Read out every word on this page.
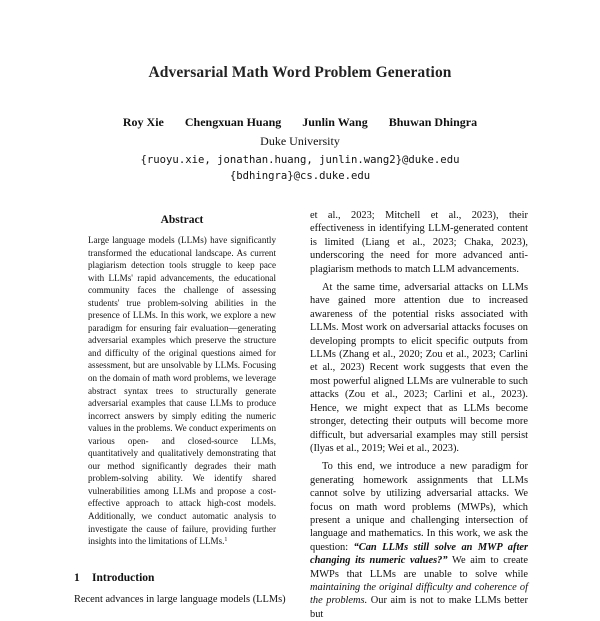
Adversarial Math Word Problem Generation
Roy Xie Chengxuan Huang Junlin Wang Bhuwan Dhingra
Duke University
{ruoyu.xie, jonathan.huang, junlin.wang2}@duke.edu
{bdhingra}@cs.duke.edu
Abstract
Large language models (LLMs) have significantly transformed the educational landscape. As current plagiarism detection tools struggle to keep pace with LLMs' rapid advancements, the educational community faces the challenge of assessing students' true problem-solving abilities in the presence of LLMs. In this work, we explore a new paradigm for ensuring fair evaluation—generating adversarial examples which preserve the structure and difficulty of the original questions aimed for assessment, but are unsolvable by LLMs. Focusing on the domain of math word problems, we leverage abstract syntax trees to structurally generate adversarial examples that cause LLMs to produce incorrect answers by simply editing the numeric values in the problems. We conduct experiments on various open- and closed-source LLMs, quantitatively and qualitatively demonstrating that our method significantly degrades their math problem-solving ability. We identify shared vulnerabilities among LLMs and propose a cost-effective approach to attack high-cost models. Additionally, we conduct automatic analysis to investigate the cause of failure, providing further insights into the limitations of LLMs.$^1$
1 Introduction
Recent advances in large language models (LLMs)

et al., 2023; Mitchell et al., 2023), their effectiveness in identifying LLM-generated content is limited (Liang et al., 2023; Chaka, 2023), underscoring the need for more advanced anti-plagiarism methods to match LLM advancements.

At the same time, adversarial attacks on LLMs have gained more attention due to increased awareness of the potential risks associated with LLMs. Most work on adversarial attacks focuses on developing prompts to elicit specific outputs from LLMs (Zhang et al., 2020; Zou et al., 2023; Carlini et al., 2023) Recent work suggests that even the most powerful aligned LLMs are vulnerable to such attacks (Zou et al., 2023; Carlini et al., 2023). Hence, we might expect that as LLMs become stronger, detecting their outputs will become more difficult, but adversarial examples may still persist (Ilyas et al., 2019; Wei et al., 2023).

To this end, we introduce a new paradigm for generating homework assignments that LLMs cannot solve by utilizing adversarial attacks. We focus on math word problems (MWPs), which present a unique and challenging intersection of language and mathematics. In this work, we ask the question: “Can LLMs still solve an MWP after changing its numeric values?” We aim to create MWPs that LLMs are unable to solve while maintaining the original difficulty and coherence of the problems. Our aim is not to make LLMs better but
